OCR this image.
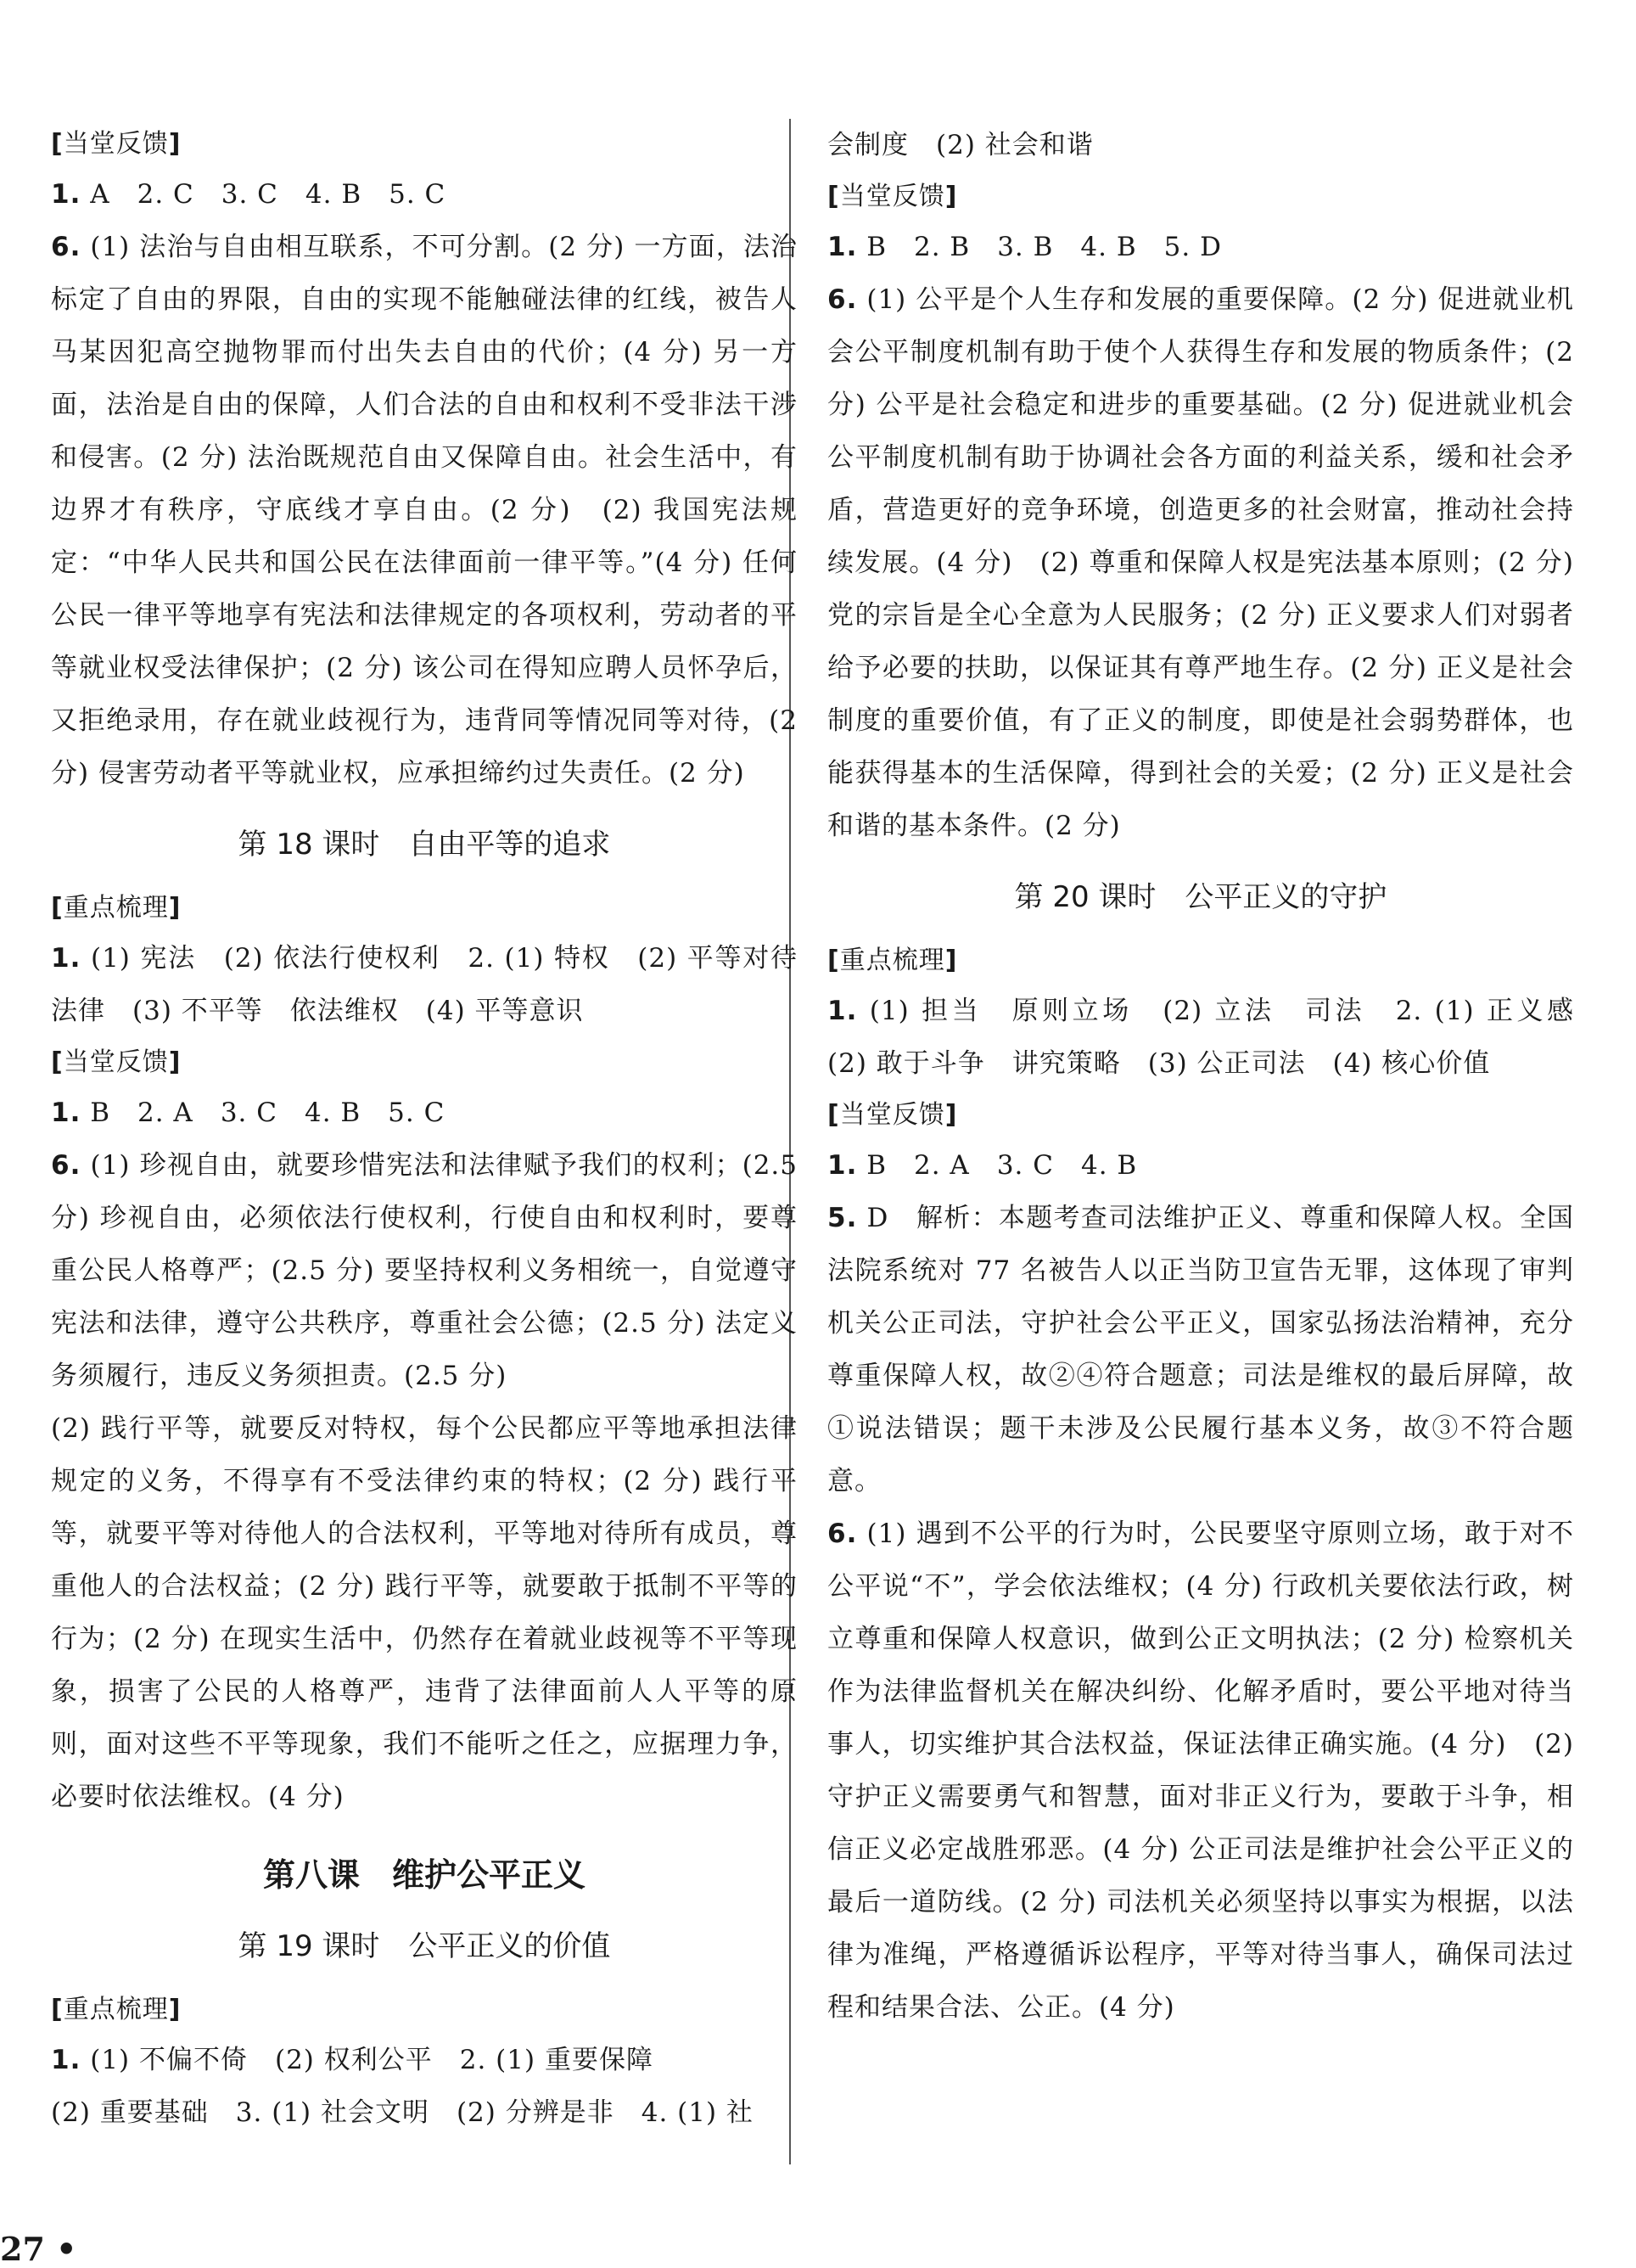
[当堂反馈]
1. A　2. C　3. C　4. B　5. C
6. (1) 法治与自由相互联系，不可分割。(2 分) 一方面，法治标定了自由的界限，自由的实现不能触碰法律的红线，被告人马某因犯高空抛物罪而付出失去自由的代价；(4 分) 另一方面，法治是自由的保障，人们合法的自由和权利不受非法干涉和侵害。(2 分) 法治既规范自由又保障自由。社会生活中，有边界才有秩序，守底线才享自由。(2 分)　(2) 我国宪法规定：“中华人民共和国公民在法律面前一律平等。”(4 分) 任何公民一律平等地享有宪法和法律规定的各项权利，劳动者的平等就业权受法律保护；(2 分) 该公司在得知应聘人员怀孕后，又拒绝录用，存在就业歧视行为，违背同等情况同等对待，(2 分) 侵害劳动者平等就业权，应承担缔约过失责任。(2 分)
第 18 课时　自由平等的追求
[重点梳理]
1. (1) 宪法　(2) 依法行使权利　2. (1) 特权　(2) 平等对待　法律　(3) 不平等　依法维权　(4) 平等意识
[当堂反馈]
1. B　2. A　3. C　4. B　5. C
6. (1) 珍视自由，就要珍惜宪法和法律赋予我们的权利；(2.5 分) 珍视自由，必须依法行使权利，行使自由和权利时，要尊重公民人格尊严；(2.5 分) 要坚持权利义务相统一，自觉遵守宪法和法律，遵守公共秩序，尊重社会公德；(2.5 分) 法定义务须履行，违反义务须担责。(2.5 分)
(2) 践行平等，就要反对特权，每个公民都应平等地承担法律规定的义务，不得享有不受法律约束的特权；(2 分) 践行平等，就要平等对待他人的合法权利，平等地对待所有成员，尊重他人的合法权益；(2 分) 践行平等，就要敢于抵制不平等的行为；(2 分) 在现实生活中，仍然存在着就业歧视等不平等现象，损害了公民的人格尊严，违背了法律面前人人平等的原则，面对这些不平等现象，我们不能听之任之，应据理力争，必要时依法维权。(4 分)
第八课　维护公平正义
第 19 课时　公平正义的价值
[重点梳理]
1. (1) 不偏不倚　(2) 权利公平　2. (1) 重要保障
(2) 重要基础　3. (1) 社会文明　(2) 分辨是非　4. (1) 社
会制度　(2) 社会和谐
[当堂反馈]
1. B　2. B　3. B　4. B　5. D
6. (1) 公平是个人生存和发展的重要保障。(2 分) 促进就业机会公平制度机制有助于使个人获得生存和发展的物质条件；(2 分) 公平是社会稳定和进步的重要基础。(2 分) 促进就业机会公平制度机制有助于协调社会各方面的利益关系，缓和社会矛盾，营造更好的竞争环境，创造更多的社会财富，推动社会持续发展。(4 分)　(2) 尊重和保障人权是宪法基本原则；(2 分) 党的宗旨是全心全意为人民服务；(2 分) 正义要求人们对弱者给予必要的扶助，以保证其有尊严地生存。(2 分) 正义是社会制度的重要价值，有了正义的制度，即使是社会弱势群体，也能获得基本的生活保障，得到社会的关爱；(2 分) 正义是社会和谐的基本条件。(2 分)
第 20 课时　公平正义的守护
[重点梳理]
1. (1) 担当　原则立场　(2) 立法　司法　2. (1) 正义感　(2) 敢于斗争　讲究策略　(3) 公正司法　(4) 核心价值
[当堂反馈]
1. B　2. A　3. C　4. B
5. D　解析：本题考查司法维护正义、尊重和保障人权。全国法院系统对 77 名被告人以正当防卫宣告无罪，这体现了审判机关公正司法，守护社会公平正义，国家弘扬法治精神，充分尊重保障人权，故②④符合题意；司法是维权的最后屏障，故①说法错误；题干未涉及公民履行基本义务，故③不符合题意。
6. (1) 遇到不公平的行为时，公民要坚守原则立场，敢于对不公平说“不”，学会依法维权；(4 分) 行政机关要依法行政，树立尊重和保障人权意识，做到公正文明执法；(2 分) 检察机关作为法律监督机关在解决纠纷、化解矛盾时，要公平地对待当事人，切实维护其合法权益，保证法律正确实施。(4 分)　(2) 守护正义需要勇气和智慧，面对非正义行为，要敢于斗争，相信正义必定战胜邪恶。(4 分) 公正司法是维护社会公平正义的最后一道防线。(2 分) 司法机关必须坚持以事实为根据，以法律为准绳，严格遵循诉讼程序，平等对待当事人，确保司法过程和结果合法、公正。(4 分)
27 •
